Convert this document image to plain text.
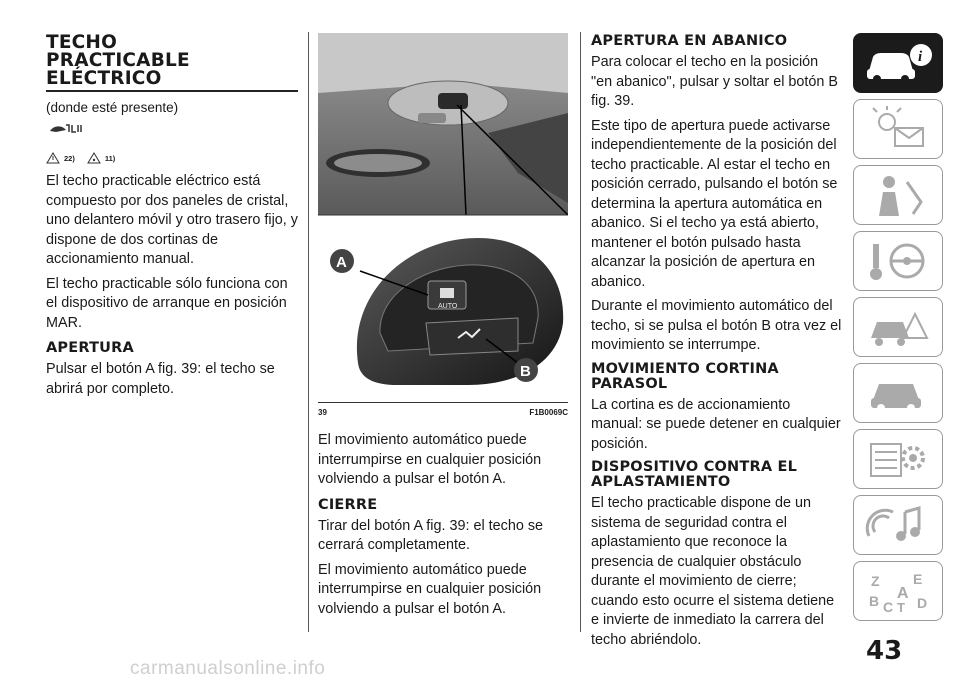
TECHO
PRACTICABLE
ELÉCTRICO

(donde esté presente)

22)	11)

El techo practicable eléctrico está compuesto por dos paneles de cristal, uno delantero móvil y otro trasero fijo, y dispone de dos cortinas de accionamiento manual.

El techo practicable sólo funciona con el dispositivo de arranque en posición MAR.

APERTURA

Pulsar el botón A fig. 39: el techo se abrirá por completo.

AUTO
A
B
39	F1B0069C

El movimiento automático puede interrumpirse en cualquier posición volviendo a pulsar el botón A.

CIERRE

Tirar del botón A fig. 39: el techo se cerrará completamente.

El movimiento automático puede interrumpirse en cualquier posición volviendo a pulsar el botón A.

APERTURA EN ABANICO

Para colocar el techo en la posición "en abanico", pulsar y soltar el botón B fig. 39.

Este tipo de apertura puede activarse independientemente de la posición del techo practicable. Al estar el techo en posición cerrado, pulsando el botón se determina la apertura automática en abanico. Si el techo ya está abierto, mantener el botón pulsado hasta alcanzar la posición de apertura en abanico.

Durante el movimiento automático del techo, si se pulsa el botón B otra vez el movimiento se interrumpe.

MOVIMIENTO CORTINA PARASOL

La cortina es de accionamiento manual: se puede detener en cualquier posición.

DISPOSITIVO CONTRA EL APLASTAMIENTO

El techo practicable dispone de un sistema de seguridad contra el aplastamiento que reconoce la presencia de cualquier obstáculo durante el movimiento de cierre; cuando esto ocurre el sistema detiene e invierte de inmediato la carrera del techo abriéndolo.

i
Z E
A
B C D
T
43
carmanualsonline.info
